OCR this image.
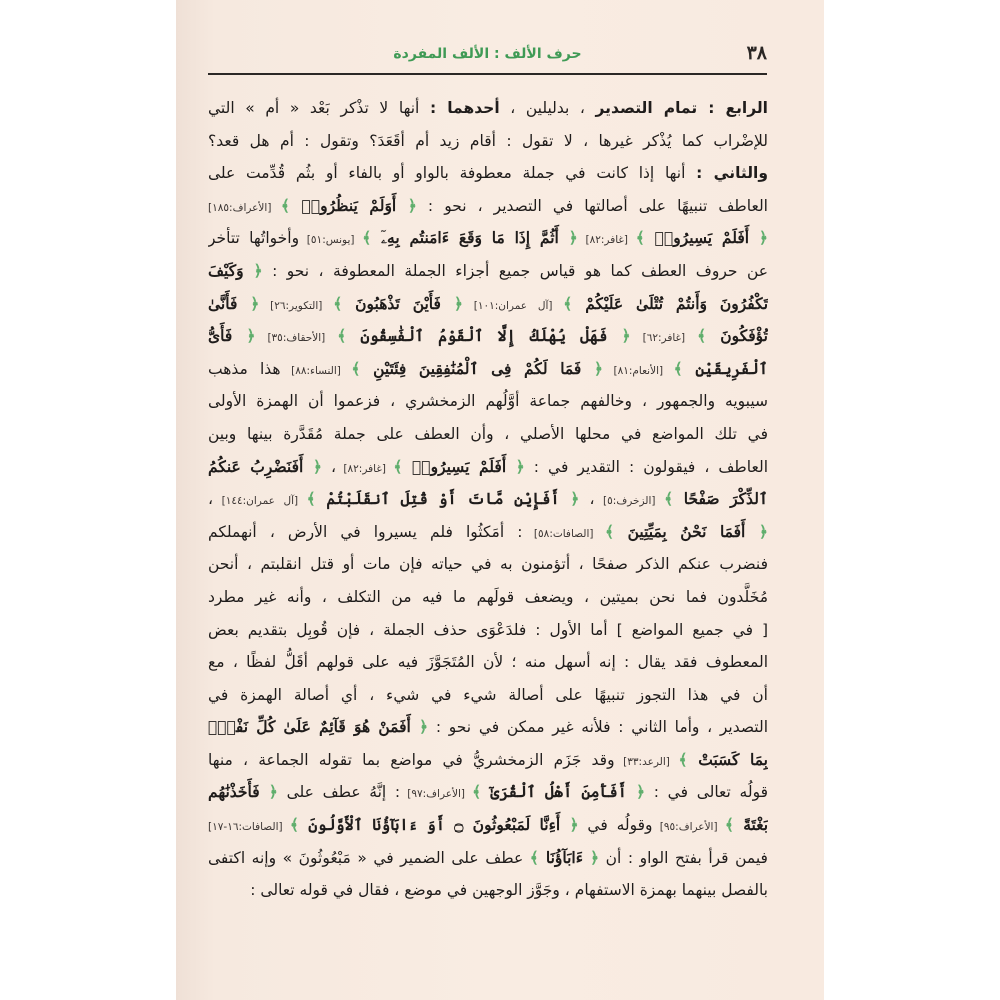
٣٨
حرف الألف : الألف المفردة
الرابع : تمام التصدير ، بدليلين ، أحدهما : أنها لا تذْكر بَعْد « أم » التي
للإضْراب كما يُذْكر غيرها ، لا تقول : أقام زيد أم أقَعَدَ؟ وتقول : أم هل قعد؟
والثاني : أنها إذا كانت في جملة معطوفة بالواو أو بالفاء أو بثُم قُدِّمت على
العاطف تنبيهًا على أصالتها في التصدير ، نحو : ﴿ أَوَلَمْ يَنظُرُوا۟ ﴾ [الأعراف:١٨٥]
﴿ أَفَلَمْ يَسِيرُوا۟ ﴾ [غافر:٨٢] ﴿ أَثُمَّ إِذَا مَا وَقَعَ ءَامَنتُم بِهِۦٓ ﴾ [يونس:٥١] وأخواتُها تتأخر
عن حروف العطف كما هو قياس جميع أجزاء الجملة المعطوفة ، نحو : ﴿ وَكَيْفَ
تَكْفُرُونَ وَأَنتُمْ تُتْلَىٰ عَلَيْكُمْ ﴾ [آل عمران:١٠١] ﴿ فَأَيْنَ تَذْهَبُونَ ﴾ [التكوير:٢٦] ﴿ فَأَنَّىٰ
تُؤْفَكُونَ ﴾ [غافر:٦٢] ﴿ فَهَلْ يُهْلَكُ إِلَّا ٱلْقَوْمُ ٱلْفَٰسِقُونَ ﴾ [الأحقاف:٣٥] ﴿ فَأَىُّ
ٱلْفَرِيقَيْنِ ﴾ [الأنعام:٨١] ﴿ فَمَا لَكُمْ فِى ٱلْمُنَٰفِقِينَ فِئَتَيْنِ ﴾ [النساء:٨٨] هذا مذهب
سيبويه والجمهور ، وخالفهم جماعة أوَّلُهم الزمخشري ، فزعموا أن الهمزة الأولى
في تلك المواضع في محلها الأصلي ، وأن العطف على جملة مُقَدَّرة بينها وبين
العاطف ، فيقولون : التقدير في : ﴿ أَفَلَمْ يَسِيرُوا۟ ﴾ [غافر:٨٢] ، ﴿ أَفَنَضْرِبُ عَنكُمُ
ٱلذِّكْرَ صَفْحًا ﴾ [الزخرف:٥] ، ﴿ أَفَإِيْن مَّاتَ أَوْ قُتِلَ ٱنقَلَبْتُمْ ﴾ [آل عمران:١٤٤] ،
﴿ أَفَمَا نَحْنُ بِمَيِّتِينَ ﴾ [الصافات:٥٨] : أمَكثُوا فلم يسيروا في الأرض ، أنهملكم
فنضرب عنكم الذكر صفحًا ، أتؤمنون به في حياته فإن مات أو قتل انقلبتم ، أنحن
مُخَلَّدون فما نحن بميتين ، ويضعف قولَهم ما فيه من التكلف ، وأنه غير مطرد
[ في جميع المواضع ] أما الأول : فلدَعْوَى حذف الجملة ، فإن قُوبِل بتقديم بعض
المعطوف فقد يقال : إنه أسهل منه ؛ لأن المُتَجَوَّزَ فيه على قولهم أقَلُّ لفظًا ، مع
أن في هذا التجوز تنبيهًا على أصالة شيء في شيء ، أي أصالة الهمزة في
التصدير ، وأما الثاني : فلأنه غير ممكن في نحو : ﴿ أَفَمَنْ هُوَ قَآئِمٌ عَلَىٰ كُلِّ نَفْسٍۭ
بِمَا كَسَبَتْ ﴾ [الرعد:٣٣] وقد جَزَم الزمخشريُّ في مواضع بما تقوله الجماعة ، منها
قولُه تعالى في : ﴿ أَفَأَمِنَ أَهْلُ ٱلْقُرَىٰٓ ﴾ [الأعراف:٩٧] : إنَّهُ عطف على ﴿ فَأَخَذْنَٰهُم
بَغْتَةً ﴾ [الأعراف:٩٥] وقولُه في ﴿ أَءِنَّا لَمَبْعُوثُونَ ۝ أَوَ ءَابَآؤُنَا ٱلْأَوَّلُونَ ﴾ [الصافات:١٦-١٧]
فيمن قرأ بفتح الواو : أن ﴿ ءَابَآؤُنَا ﴾ عطف على الضمير في « مَبْعُوثُونَ » وإنه اكتفى
بالفصل بينهما بهمزة الاستفهام ، وجَوَّز الوجهين في موضع ، فقال في قوله تعالى :
